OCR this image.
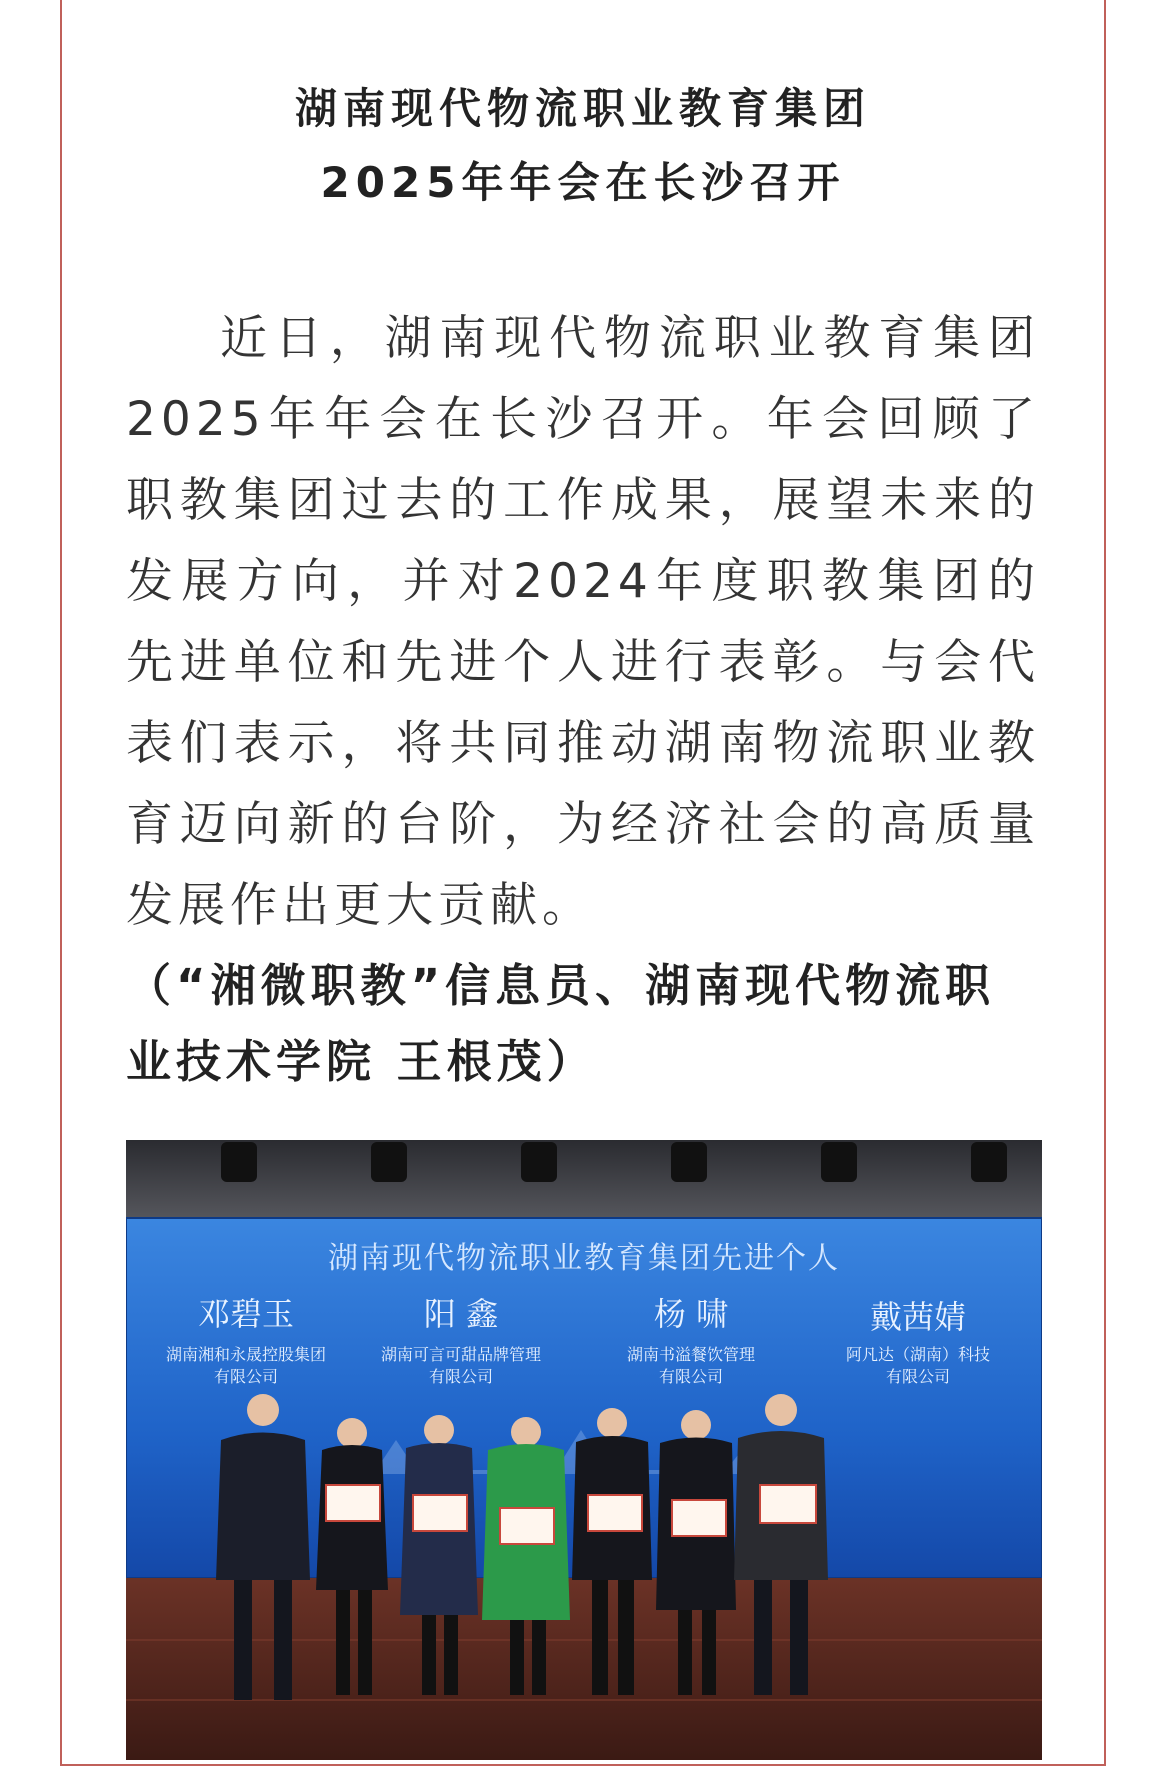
湖南现代物流职业教育集团
2025年年会在长沙召开
近日，湖南现代物流职业教育集团2025年年会在长沙召开。年会回顾了职教集团过去的工作成果，展望未来的发展方向，并对2024年度职教集团的先进单位和先进个人进行表彰。与会代表们表示，将共同推动湖南物流职业教育迈向新的台阶，为经济社会的高质量发展作出更大贡献。
（“湘微职教”信息员、湖南现代物流职业技术学院 王根茂）
湖南现代物流职业教育集团先进个人
邓碧玉
湖南湘和永晟控股集团
有限公司
阳 鑫
湖南可言可甜品牌管理
有限公司
杨 啸
湖南书溢餐饮管理
有限公司
戴茜婧
阿凡达（湖南）科技
有限公司
